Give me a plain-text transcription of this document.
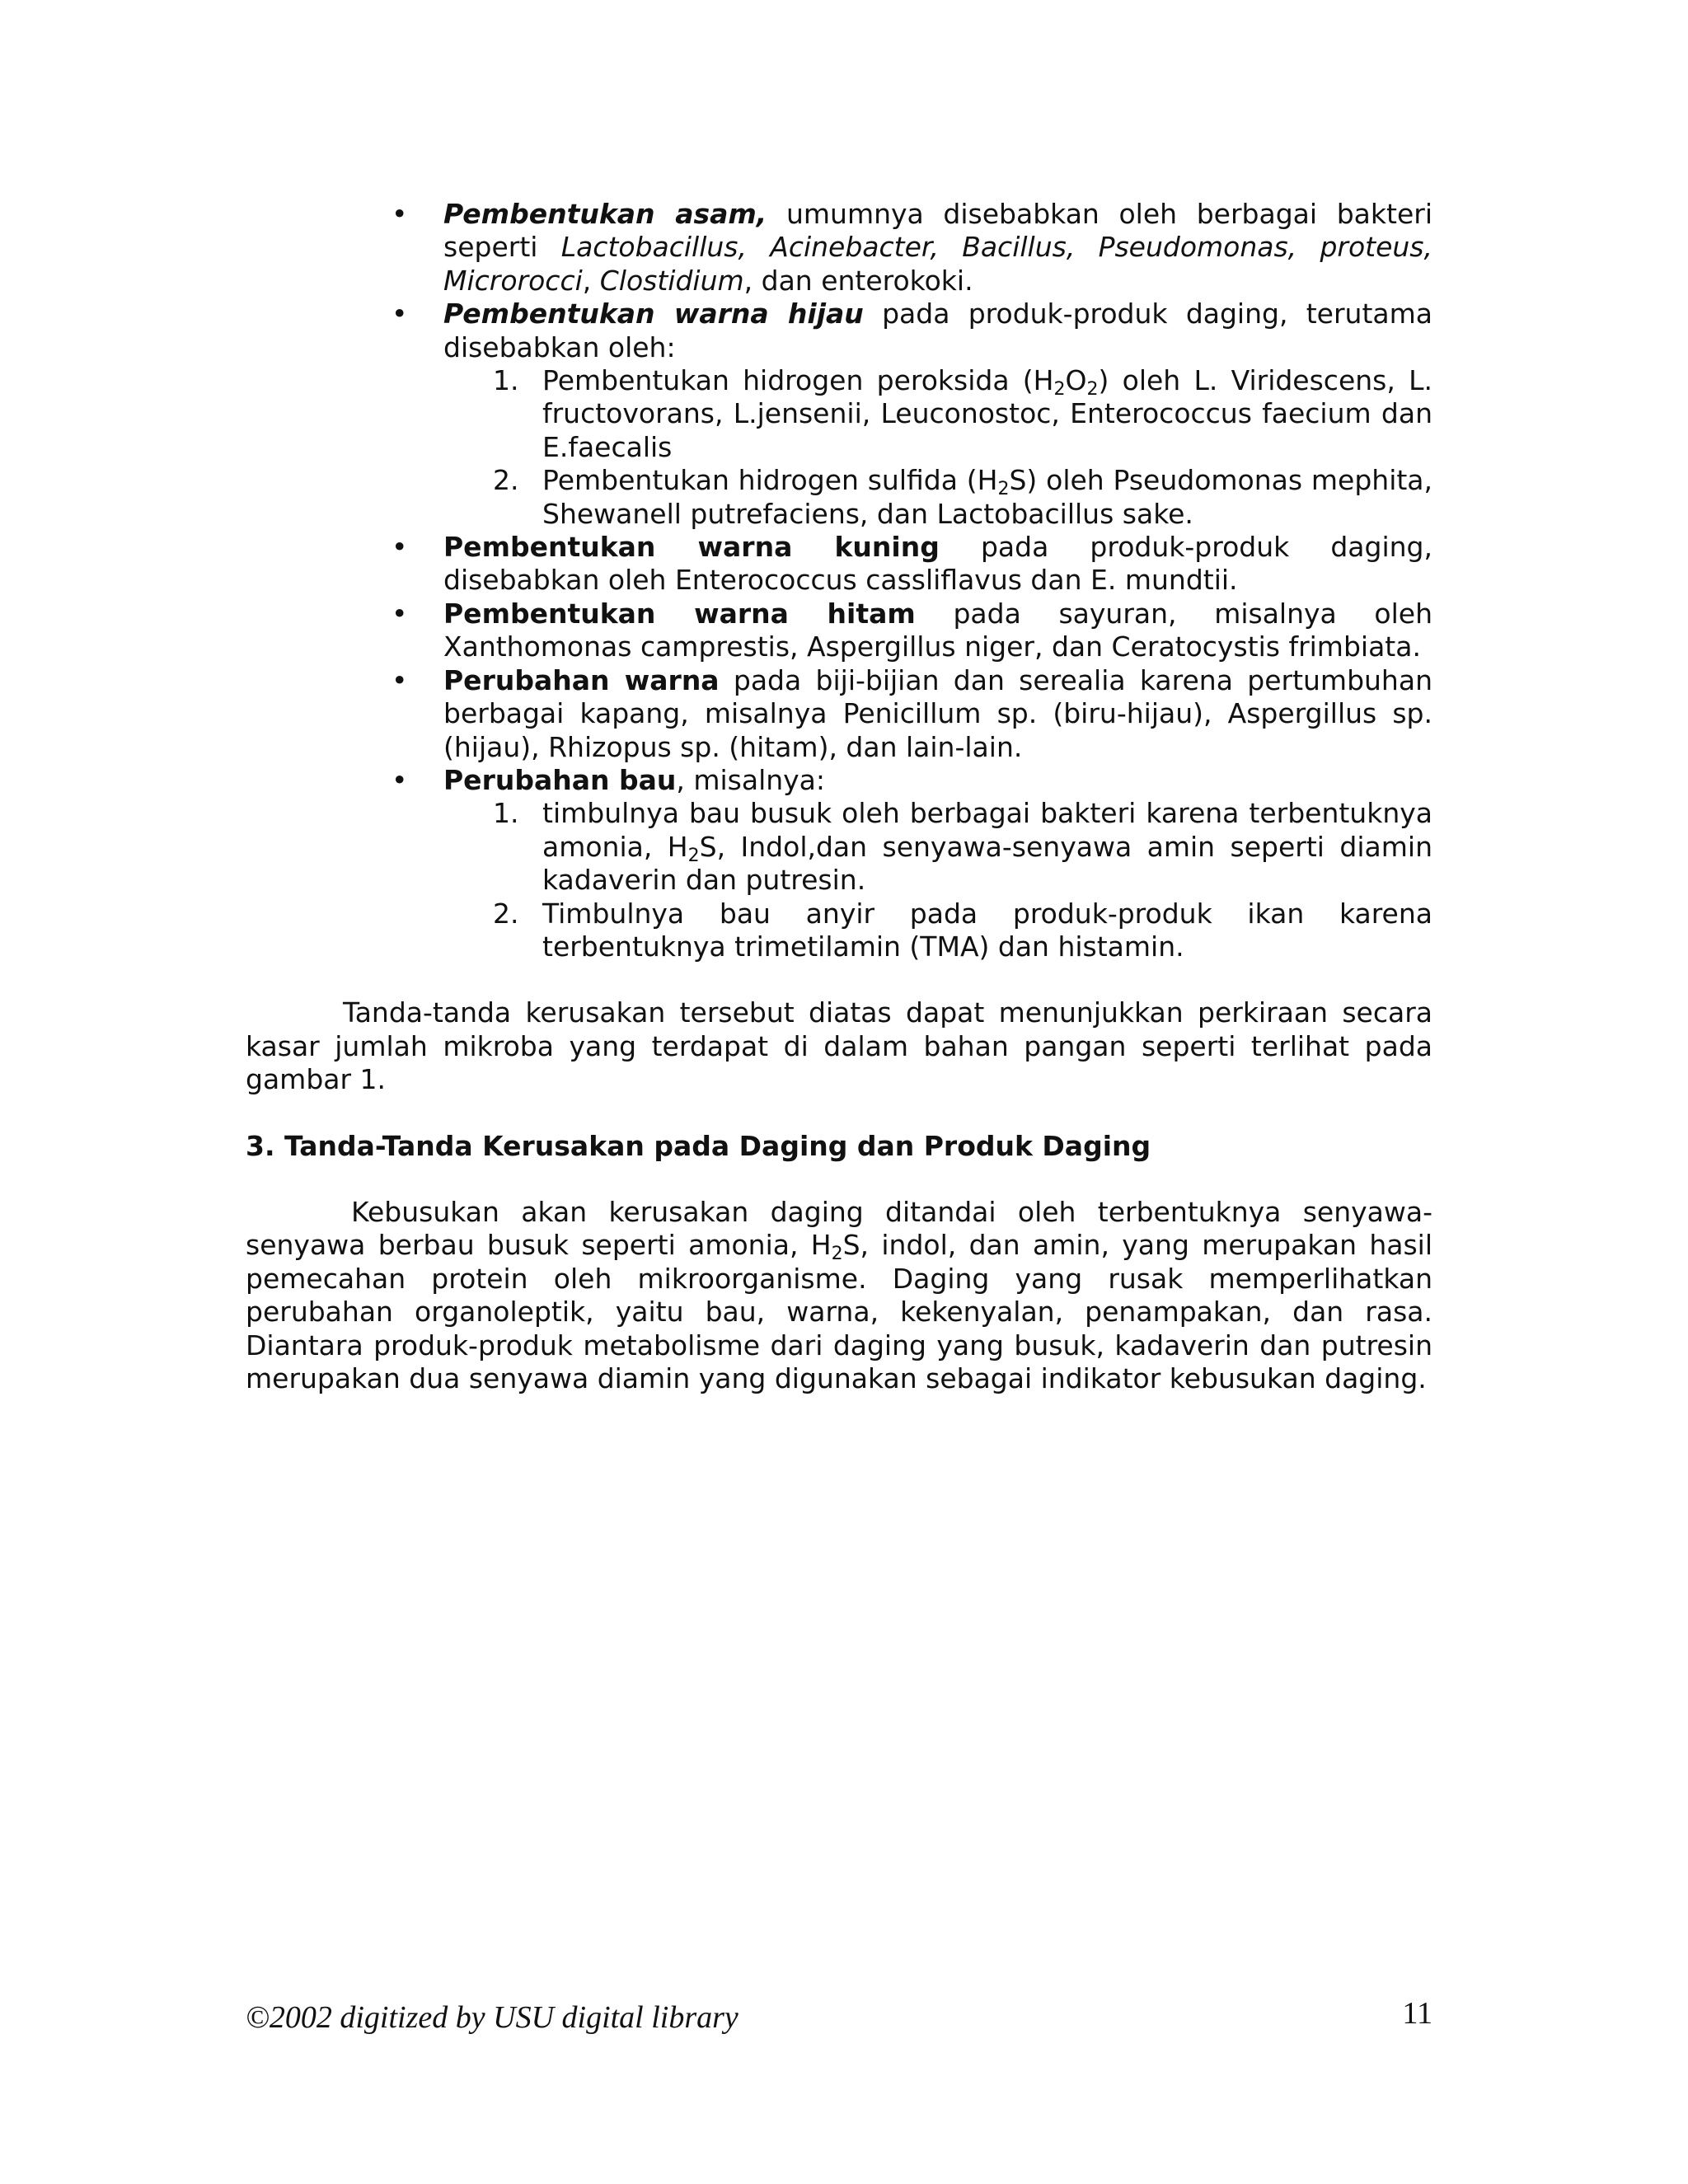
• Pembentukan asam, umumnya disebabkan oleh berbagai bakteri seperti Lactobacillus, Acinebacter, Bacillus, Pseudomonas, proteus, Microrocci, Clostidium, dan enterokoki.
• Pembentukan warna hijau pada produk-produk daging, terutama disebabkan oleh:
1. Pembentukan hidrogen peroksida $(H_2O_2)$ oleh L. Viridescens, L. fructovorans, L.jensenii, Leuconostoc, Enterococcus faecium dan E.faecalis
2. Pembentukan hidrogen sulfida $(H_2S)$ oleh Pseudomonas mephita, Shewanell putrefaciens, dan Lactobacillus sake.
• Pembentukan warna kuning pada produk-produk daging, disebabkan oleh Enterococcus cassliflavus dan E. mundtii.
• Pembentukan warna hitam pada sayuran, misalnya oleh Xanthomonas camprestis, Aspergillus niger, dan Ceratocystis frimbiata.
• Perubahan warna pada biji-bijian dan serealia karena pertumbuhan berbagai kapang, misalnya Penicillum sp. (biru-hijau), Aspergillus sp. (hijau), Rhizopus sp. (hitam), dan lain-lain.
• Perubahan bau, misalnya:
1. timbulnya bau busuk oleh berbagai bakteri karena terbentuknya amonia, $H_2S$, Indol,dan senyawa-senyawa amin seperti diamin kadaverin dan putresin.
2. Timbulnya bau anyir pada produk-produk ikan karena terbentuknya trimetilamin (TMA) dan histamin.

Tanda-tanda kerusakan tersebut diatas dapat menunjukkan perkiraan secara kasar jumlah mikroba yang terdapat di dalam bahan pangan seperti terlihat pada gambar 1.

3. Tanda-Tanda Kerusakan pada Daging dan Produk Daging

Kebusukan akan kerusakan daging ditandai oleh terbentuknya senyawa-senyawa berbau busuk seperti amonia, $H_2S$, indol, dan amin, yang merupakan hasil pemecahan protein oleh mikroorganisme. Daging yang rusak memperlihatkan perubahan organoleptik, yaitu bau, warna, kekenyalan, penampakan, dan rasa. Diantara produk-produk metabolisme dari daging yang busuk, kadaverin dan putresin merupakan dua senyawa diamin yang digunakan sebagai indikator kebusukan daging.

©2002 digitized by USU digital library	11
